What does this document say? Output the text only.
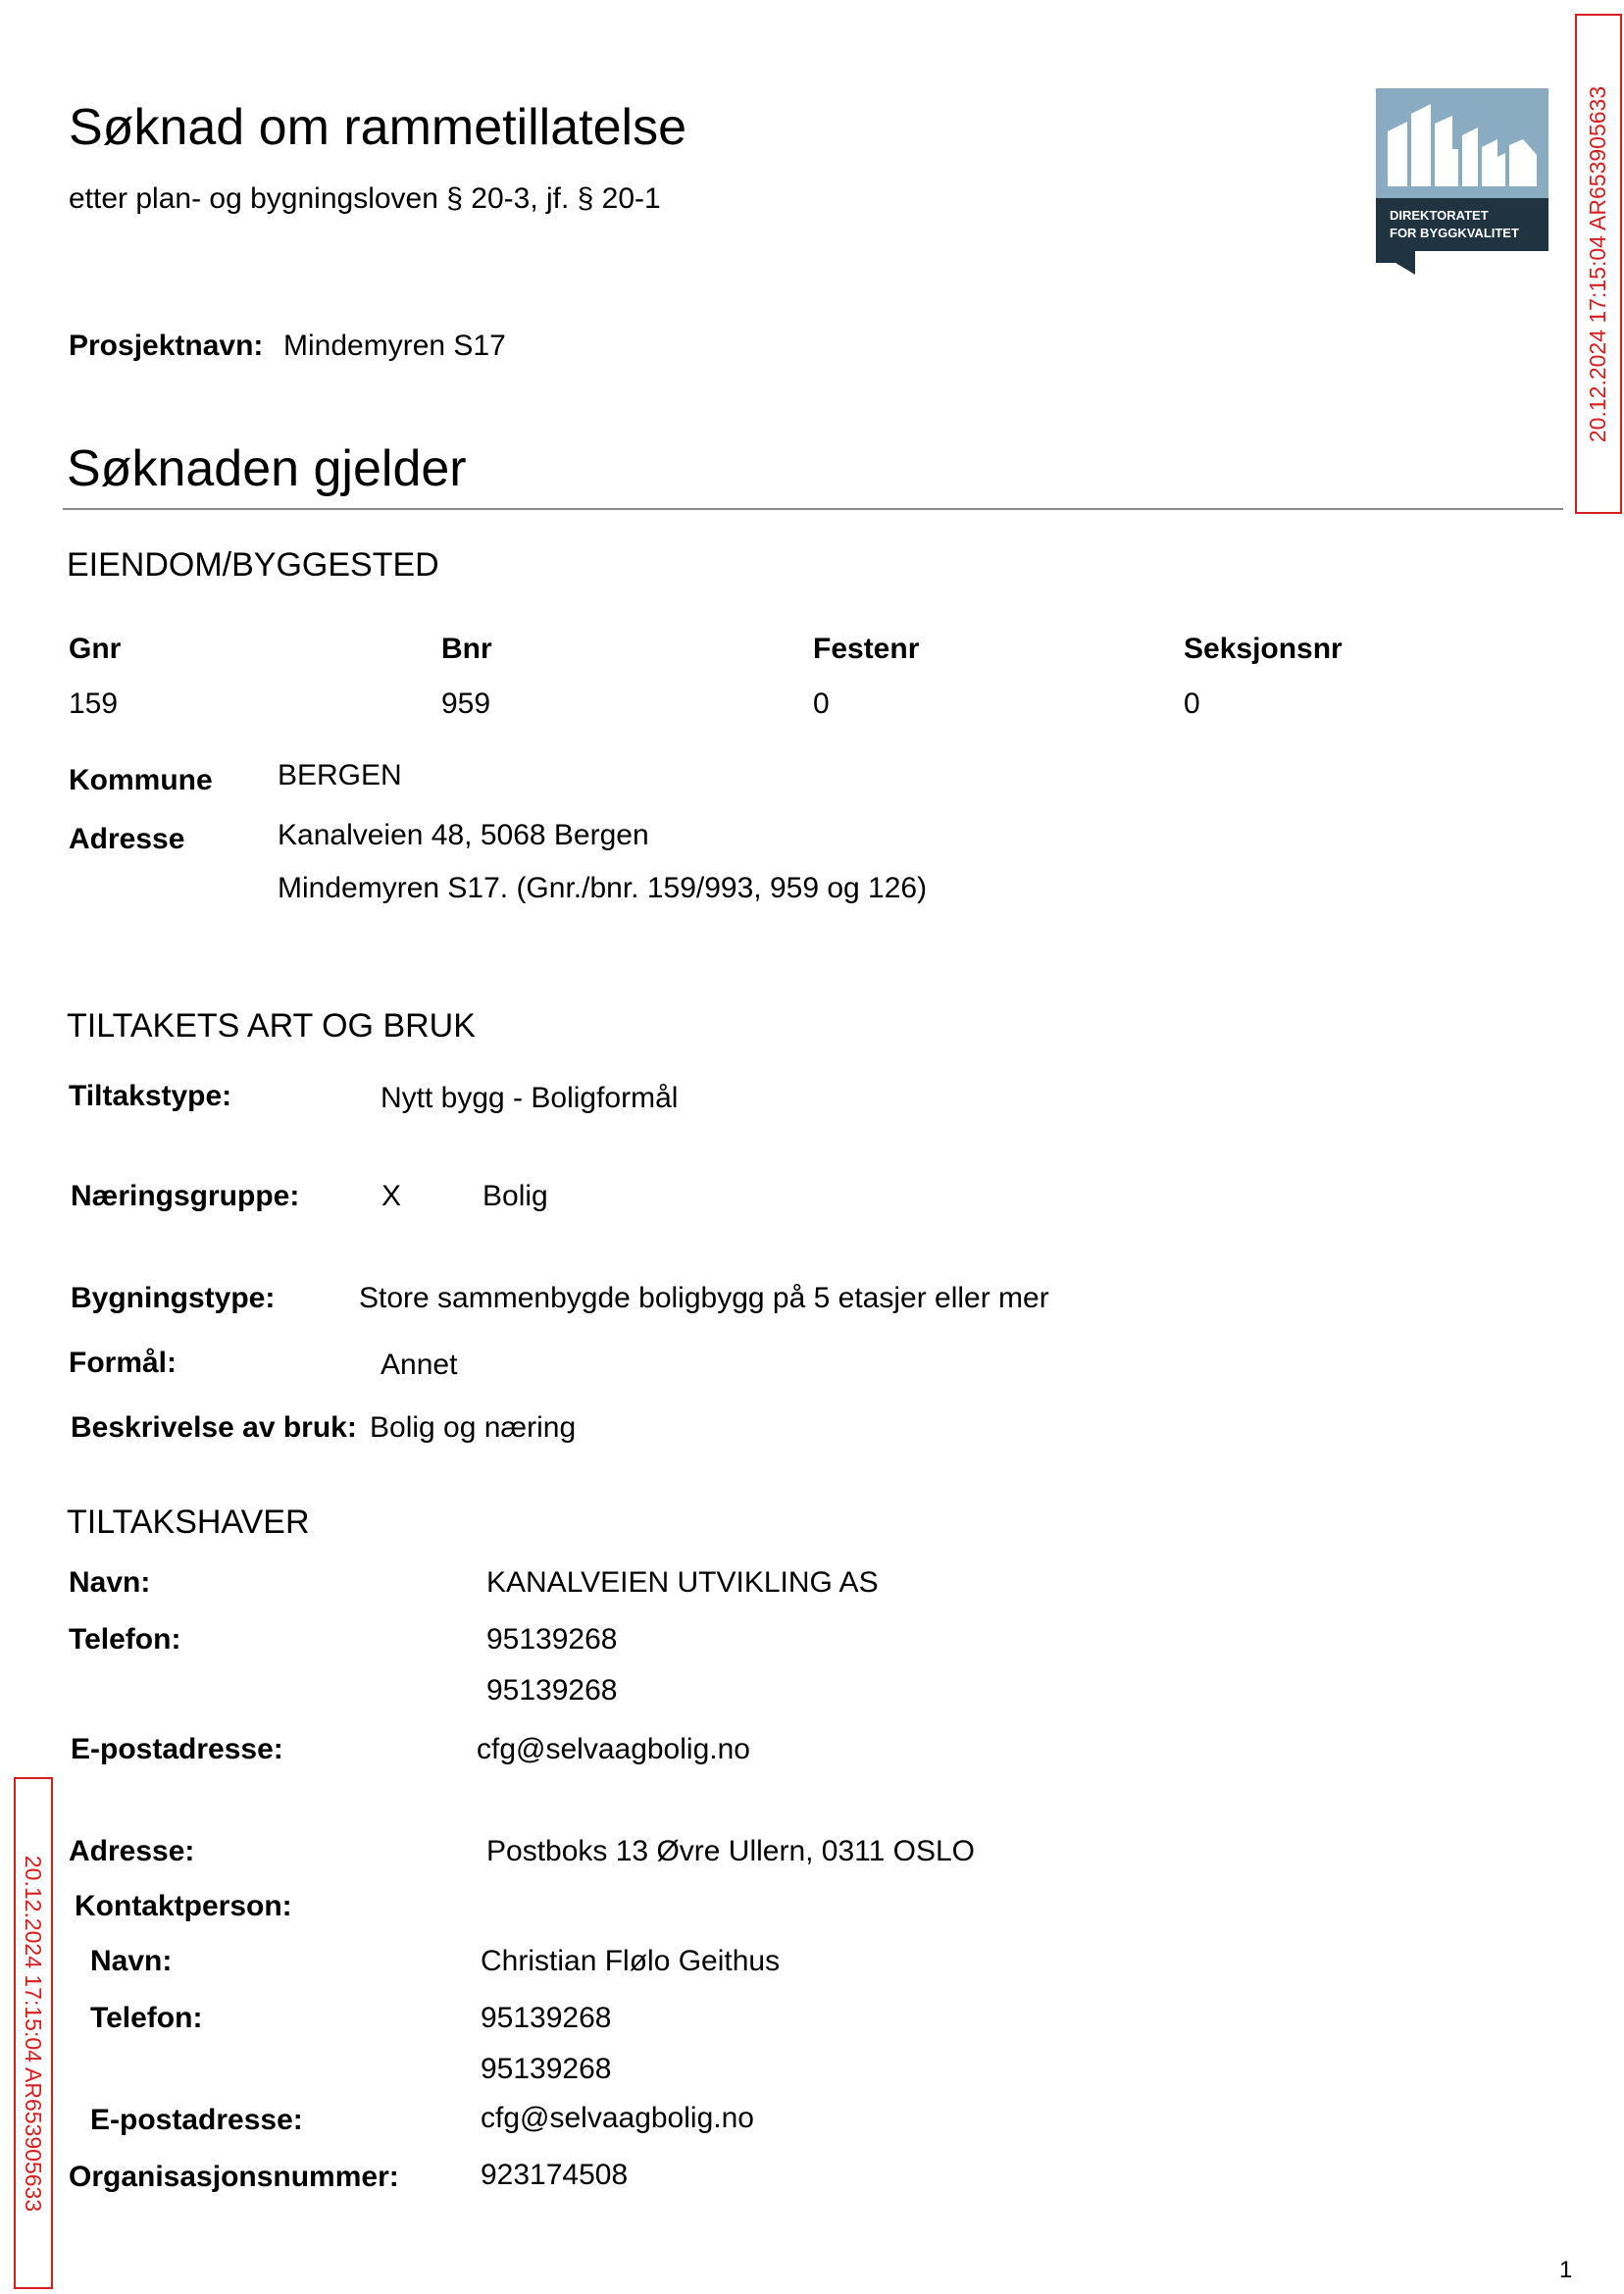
Søknad om rammetillatelse
etter plan- og bygningsloven § 20-3, jf. § 20-1
DIREKTORATET
FOR BYGGKVALITET	20.12.2024 17:15:04 AR653905633
20.12.2024 17:15:04 AR653905633
Prosjektnavn: Mindemyren S17
Søknaden gjelder
EIENDOM/BYGGESTED
Gnr	Bnr	Festenr	Seksjonsnr
159	959	0	0
Kommune BERGEN
Adresse	Kanalveien 48, 5068 Bergen
Mindemyren S17. (Gnr./bnr. 159/993, 959 og 126)
TILTAKETS ART OG BRUK
Tiltakstype:	Nytt bygg - Boligformål
Næringsgruppe:	X	Bolig
Bygningstype:	Store sammenbygde boligbygg på 5 etasjer eller mer
Formål:	Annet
Beskrivelse av bruk: Bolig og næring
TILTAKSHAVER
Navn:	KANALVEIEN UTVIKLING AS
Telefon:	95139268
95139268
E-postadresse:	cfg@selvaagbolig.no
Adresse:	Postboks 13 Øvre Ullern, 0311 OSLO
Kontaktperson:
Navn:	Christian Flølo Geithus
Telefon:	95139268
95139268
E-postadresse:	cfg@selvaagbolig.no
Organisasjonsnummer:	923174508
1
